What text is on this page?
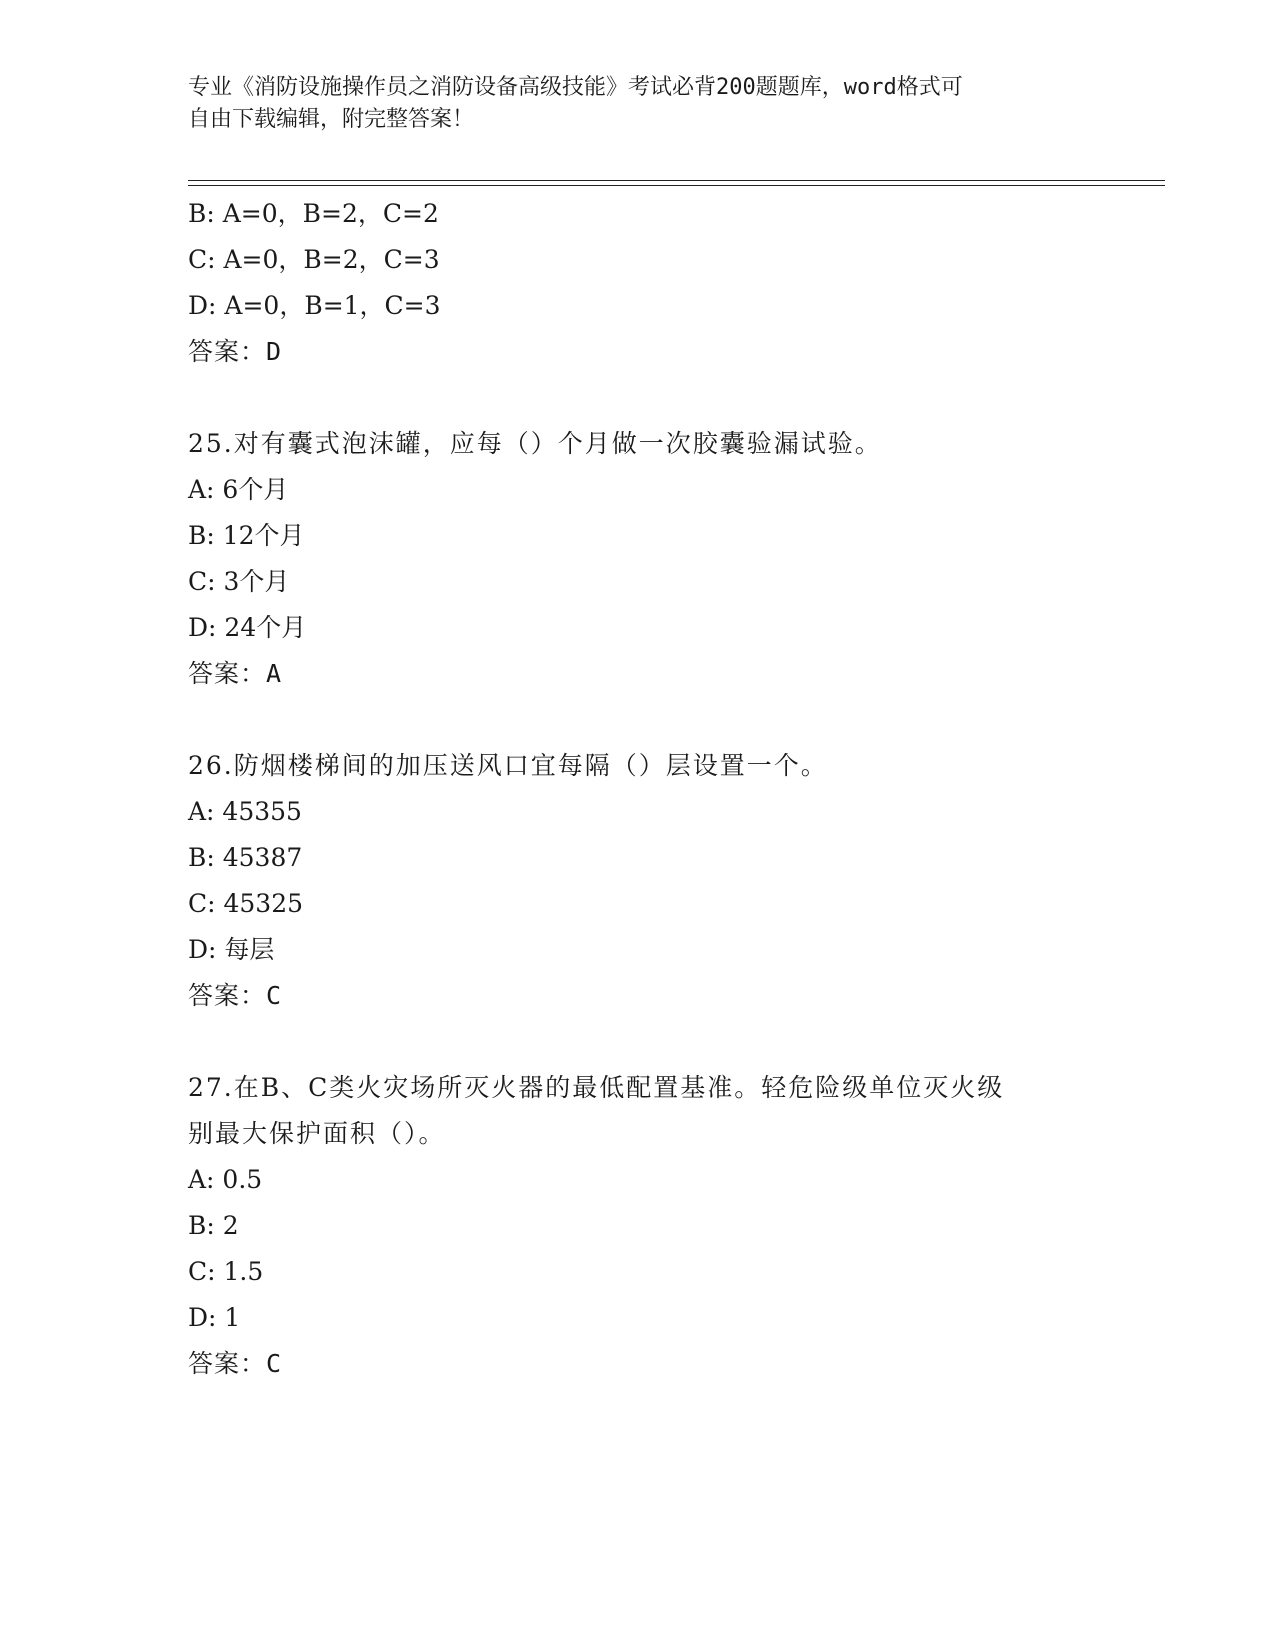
专业《消防设施操作员之消防设备高级技能》考试必背200题题库，word格式可
自由下载编辑，附完整答案！
B: A=0，B=2，C=2
C: A=0，B=2，C=3
D: A=0，B=1，C=3
答案：D
25.对有囊式泡沫罐，应每（）个月做一次胶囊验漏试验。
A: 6个月
B: 12个月
C: 3个月
D: 24个月
答案：A
26.防烟楼梯间的加压送风口宜每隔（）层设置一个。
A: 45355
B: 45387
C: 45325
D: 每层
答案：C
27.在B、C类火灾场所灭火器的最低配置基准。轻危险级单位灭火级
别最大保护面积（）。
A: 0.5
B: 2
C: 1.5
D: 1
答案：C
